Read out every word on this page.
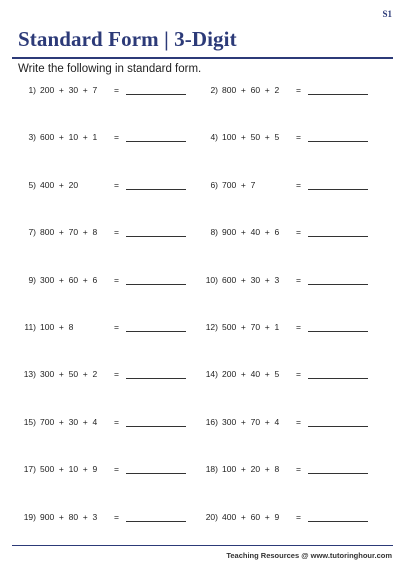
S1
Standard Form | 3-Digit
Write the following in standard form.
1) 200  +  30  +  7 =	2) 800  +  60  +  2 =
3) 600  +  10  +  1 =	4) 100  +  50  +  5 =
5) 400  +  20	=	6) 700  +  7	=
7) 800  +  70  +  8 =	8) 900  +  40  +  6 =
9) 300  +  60  +  6 =	10) 600  +  30  +  3 =
11) 100  +  8	=	12) 500  +  70  +  1 =
13) 300  +  50  +  2 =	14) 200  +  40  +  5 =
15) 700  +  30  +  4 =	16) 300  +  70  +  4 =
17) 500  +  10  +  9 =	18) 100  +  20  +  8 =
19) 900  +  80  +  3 =	20) 400  +  60  +  9 =
Teaching Resources @ www.tutoringhour.com
